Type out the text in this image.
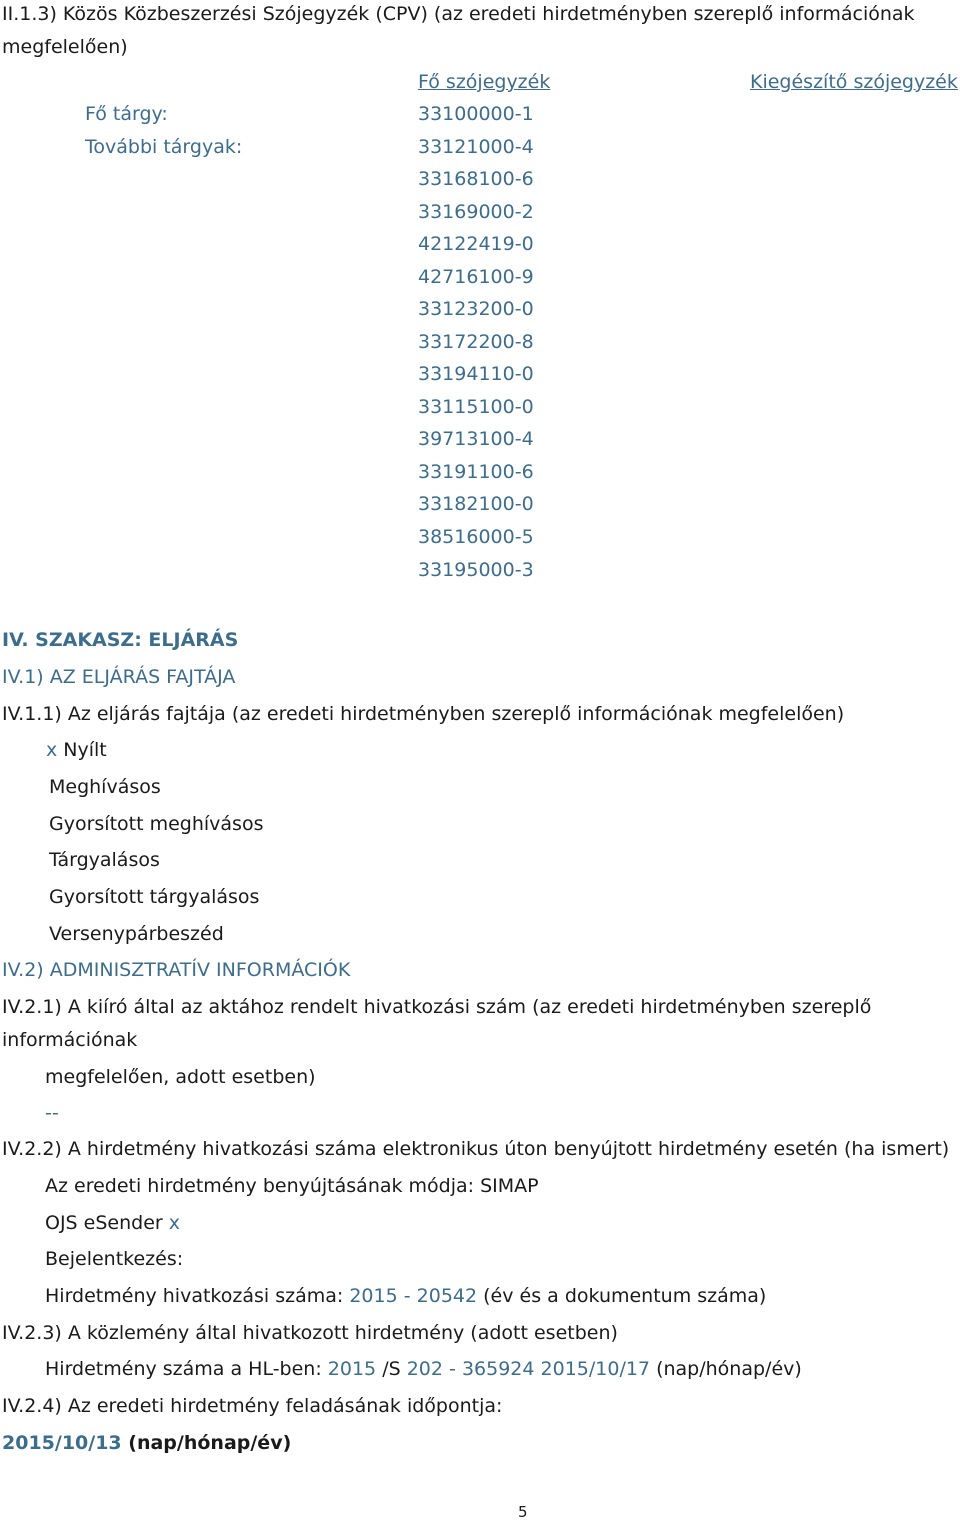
II.1.3) Közös Közbeszerzési Szójegyzék (CPV) (az eredeti hirdetményben szereplő információnak
megfelelően)
Fő szójegyzék	Kiegészítő szójegyzék
Fő tárgy:	33100000-1
További tárgyak:	33121000-4
33168100-6
33169000-2
42122419-0
42716100-9
33123200-0
33172200-8
33194110-0
33115100-0
39713100-4
33191100-6
33182100-0
38516000-5
33195000-3
IV. SZAKASZ: ELJÁRÁS
IV.1) AZ ELJÁRÁS FAJTÁJA
IV.1.1) Az eljárás fajtája (az eredeti hirdetményben szereplő információnak megfelelően)
x Nyílt
Meghívásos
Gyorsított meghívásos
Tárgyalásos
Gyorsított tárgyalásos
Versenypárbeszéd
IV.2) ADMINISZTRATÍV INFORMÁCIÓK
IV.2.1) A kiíró által az aktához rendelt hivatkozási szám (az eredeti hirdetményben szereplő
információnak
megfelelően, adott esetben)
--
IV.2.2) A hirdetmény hivatkozási száma elektronikus úton benyújtott hirdetmény esetén (ha ismert)
Az eredeti hirdetmény benyújtásának módja: SIMAP
OJS eSender x
Bejelentkezés:
Hirdetmény hivatkozási száma: 2015 - 20542 (év és a dokumentum száma)
IV.2.3) A közlemény által hivatkozott hirdetmény (adott esetben)
Hirdetmény száma a HL-ben: 2015 /S 202 - 365924 2015/10/17 (nap/hónap/év)
IV.2.4) Az eredeti hirdetmény feladásának időpontja:
2015/10/13 (nap/hónap/év)
5
